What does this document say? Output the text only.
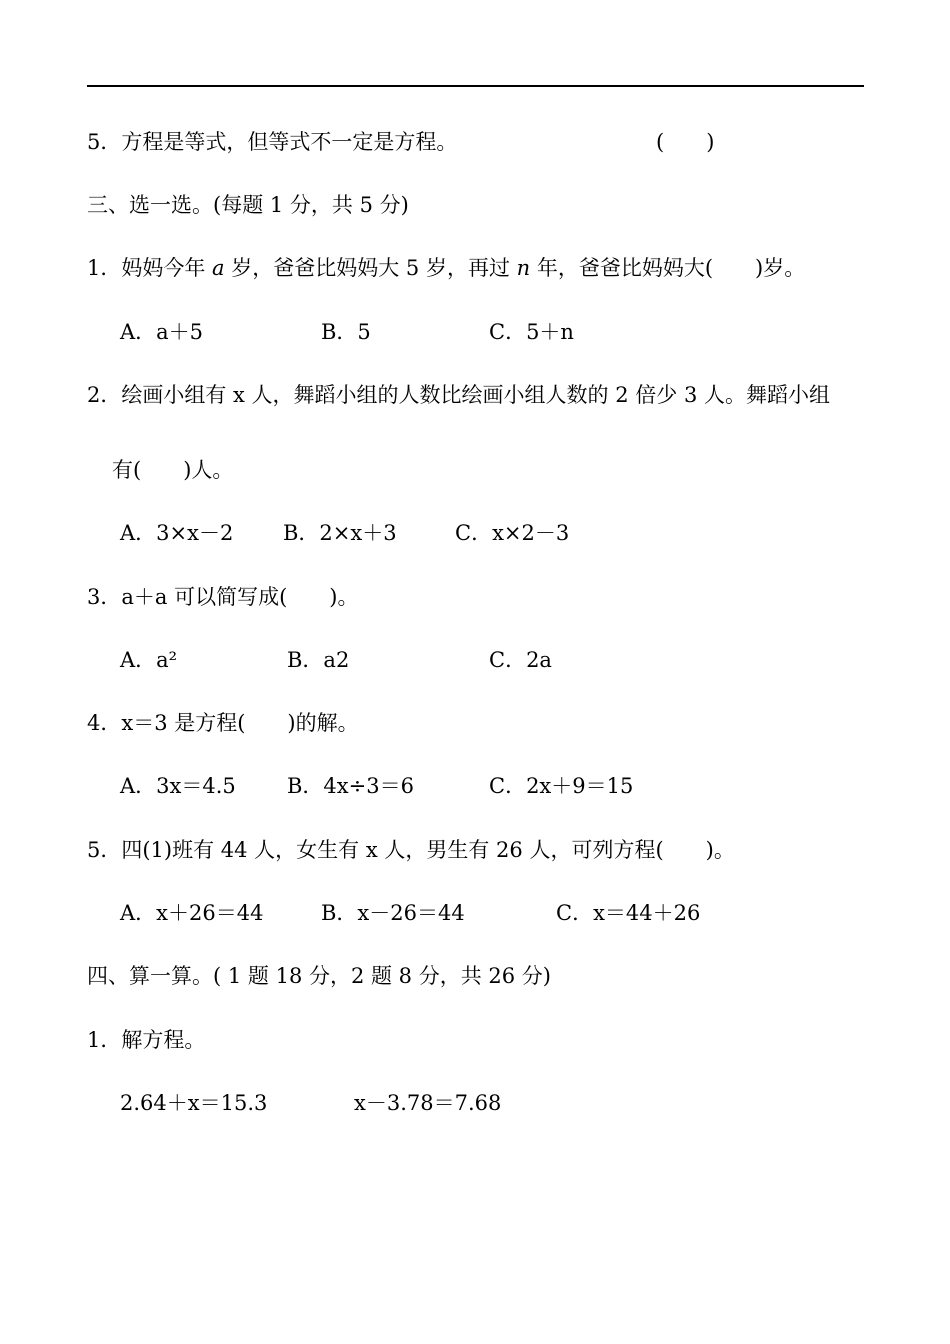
5．方程是等式，但等式不一定是方程。	(　　)
三、选一选。(每题 1 分，共 5 分)
1．妈妈今年 a 岁，爸爸比妈妈大 5 岁，再过 n 年，爸爸比妈妈大(　　)岁。
A．a＋5	B．5	C．5＋n
2．绘画小组有 x 人，舞蹈小组的人数比绘画小组人数的 2 倍少 3 人。舞蹈小组
有(　　)人。
A．3×x－2 B．2×x＋3	C．x×2－3
3．a＋a 可以简写成(　　)。
A．a²	B．a2	C．2a
4．x＝3 是方程(　　)的解。
A．3x＝4.5 B．4x÷3＝6	C．2x＋9＝15
5．四(1)班有 44 人，女生有 x 人，男生有 26 人，可列方程(　　)。
A．x＋26＝44	B．x－26＝44	C．x＝44＋26
四、算一算。( 1 题 18 分，2 题 8 分，共 26 分)
1．解方程。
2.64＋x＝15.3	x－3.78＝7.68
